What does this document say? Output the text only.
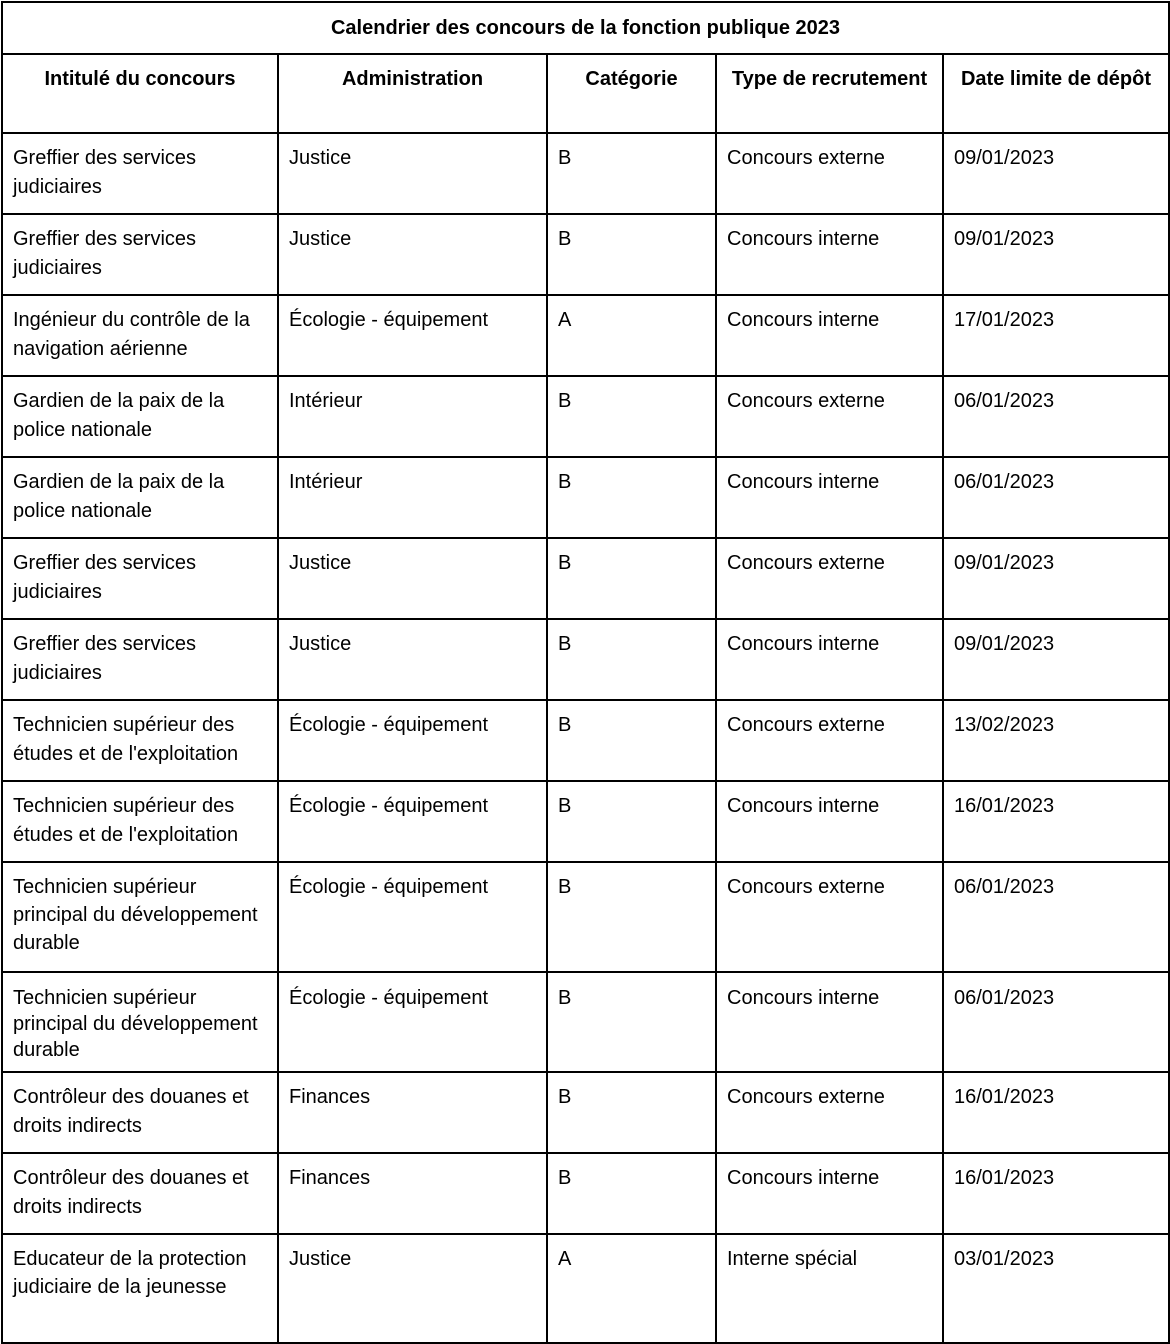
Calendrier des concours de la fonction publique 2023				
Intitulé du concours	Administration	Catégorie	Type de recrutement	Date limite de dépôt
Greffier des services judiciaires	Justice	B	Concours externe	09/01/2023
Greffier des services judiciaires	Justice	B	Concours interne	09/01/2023
Ingénieur du contrôle de la navigation aérienne	Écologie - équipement	A	Concours interne	17/01/2023
Gardien de la paix de la police nationale	Intérieur	B	Concours externe	06/01/2023
Gardien de la paix de la police nationale	Intérieur	B	Concours interne	06/01/2023
Greffier des services judiciaires	Justice	B	Concours externe	09/01/2023
Greffier des services judiciaires	Justice	B	Concours interne	09/01/2023
Technicien supérieur des études et de l'exploitation	Écologie - équipement	B	Concours externe	13/02/2023
Technicien supérieur des études et de l'exploitation	Écologie - équipement	B	Concours interne	16/01/2023
Technicien supérieur principal du développement durable	Écologie - équipement	B	Concours externe	06/01/2023
Technicien supérieur principal du développement durable	Écologie - équipement	B	Concours interne	06/01/2023
Contrôleur des douanes et droits indirects	Finances	B	Concours externe	16/01/2023
Contrôleur des douanes et droits indirects	Finances	B	Concours interne	16/01/2023
Educateur de la protection judiciaire de la jeunesse	Justice	A	Interne spécial	03/01/2023
